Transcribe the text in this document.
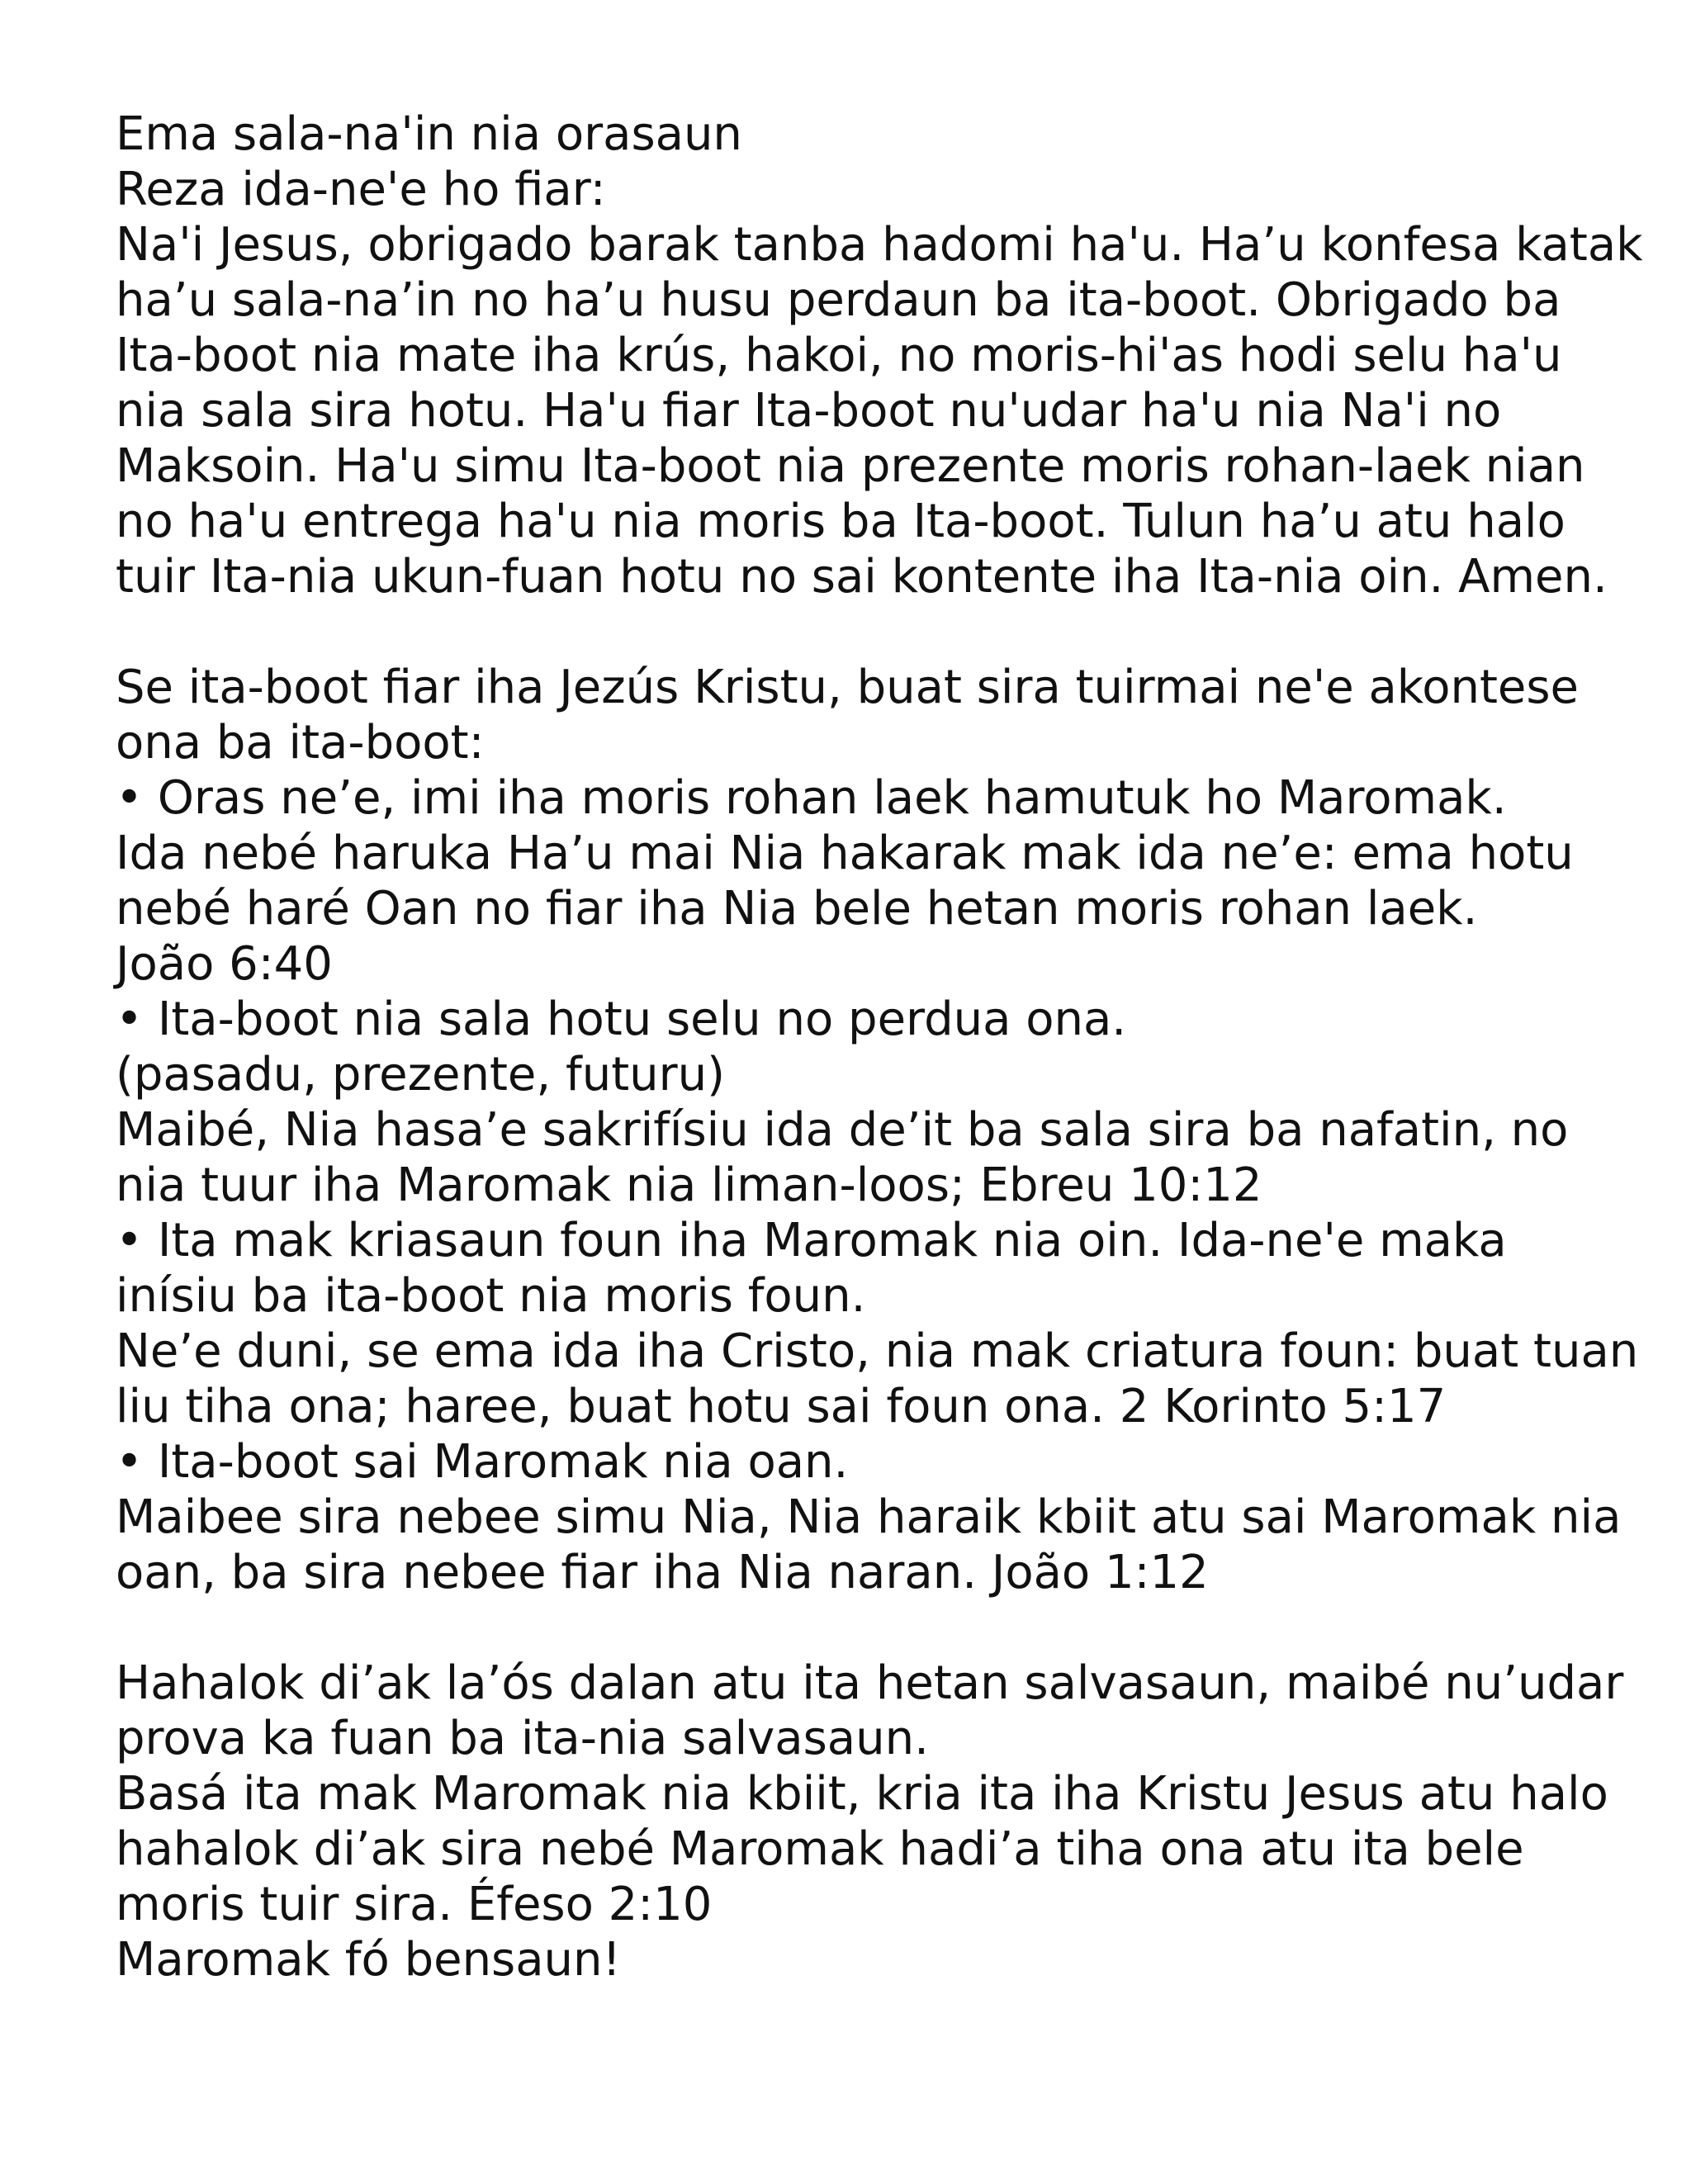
Ema sala-na'in nia orasaun
Reza ida-ne'e ho fiar:
Na'i Jesus, obrigado barak tanba hadomi ha'u. Ha’u konfesa katak
ha’u sala-na’in no ha’u husu perdaun ba ita-boot. Obrigado ba
Ita-boot nia mate iha krús, hakoi, no moris-hi'as hodi selu ha'u
nia sala sira hotu. Ha'u fiar Ita-boot nu'udar ha'u nia Na'i no
Maksoin. Ha'u simu Ita-boot nia prezente moris rohan-laek nian
no ha'u entrega ha'u nia moris ba Ita-boot. Tulun ha’u atu halo
tuir Ita-nia ukun-fuan hotu no sai kontente iha Ita-nia oin. Amen.
Se ita-boot fiar iha Jezús Kristu, buat sira tuirmai ne'e akontese
ona ba ita-boot:
• Oras ne’e, imi iha moris rohan laek hamutuk ho Maromak.
Ida nebé haruka Ha’u mai Nia hakarak mak ida ne’e: ema hotu
nebé haré Oan no fiar iha Nia bele hetan moris rohan laek.
João 6:40
• Ita-boot nia sala hotu selu no perdua ona.
(pasadu, prezente, futuru)
Maibé, Nia hasa’e sakrifísiu ida de’it ba sala sira ba nafatin, no
nia tuur iha Maromak nia liman-loos; Ebreu 10:12
• Ita mak kriasaun foun iha Maromak nia oin. Ida-ne'e maka
inísiu ba ita-boot nia moris foun.
Ne’e duni, se ema ida iha Cristo, nia mak criatura foun: buat tuan
liu tiha ona; haree, buat hotu sai foun ona. 2 Korinto 5:17
• Ita-boot sai Maromak nia oan.
Maibee sira nebee simu Nia, Nia haraik kbiit atu sai Maromak nia
oan, ba sira nebee fiar iha Nia naran. João 1:12
Hahalok di’ak la’ós dalan atu ita hetan salvasaun, maibé nu’udar
prova ka fuan ba ita-nia salvasaun.
Basá ita mak Maromak nia kbiit, kria ita iha Kristu Jesus atu halo
hahalok di’ak sira nebé Maromak hadi’a tiha ona atu ita bele
moris tuir sira. Éfeso 2:10
Maromak fó bensaun!
